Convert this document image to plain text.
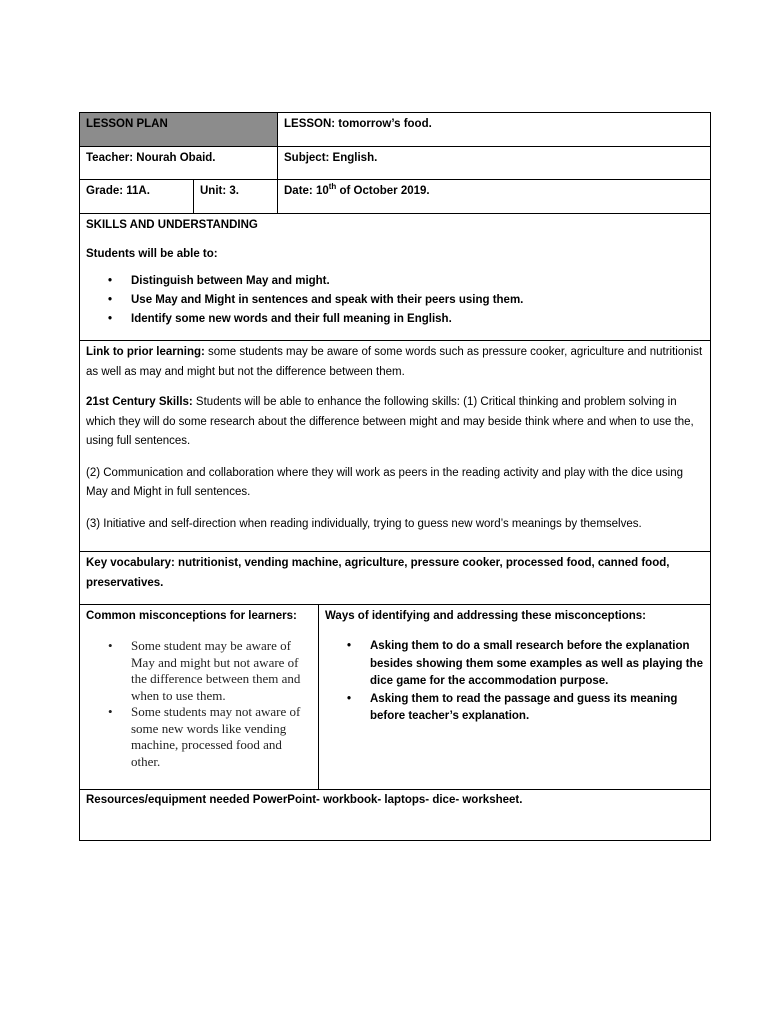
LESSON PLAN	LESSON: tomorrow’s food.
Teacher: Nourah Obaid.	Subject: English.
Grade: 11A.	Unit: 3.	Date: 10th of October 2019.

SKILLS AND UNDERSTANDING

Students will be able to:

• Distinguish between May and might.
• Use May and Might in sentences and speak with their peers using them.
• Identify some new words and their full meaning in English.

Link to prior learning: some students may be aware of some words such as pressure cooker, agriculture and nutritionist as well as may and might but not the difference between them.

21st Century Skills: Students will be able to enhance the following skills: (1) Critical thinking and problem solving in which they will do some research about the difference between might and may beside think where and when to use the, using full sentences.

(2) Communication and collaboration where they will work as peers in the reading activity and play with the dice using May and Might in full sentences.

(3) Initiative and self-direction when reading individually, trying to guess new word’s meanings by themselves.

Key vocabulary: nutritionist, vending machine, agriculture, pressure cooker, processed food, canned food, preservatives.
Common misconceptions for learners:
• Some student may be aware of May and might but not aware of the difference between them and when to use them.
• Some students may not aware of some new words like vending machine, processed food and other.
Ways of identifying and addressing these misconceptions:
• Asking them to do a small research before the explanation besides showing them some examples as well as playing the dice game for the accommodation purpose.
• Asking them to read the passage and guess its meaning before teacher’s explanation.
Resources/equipment needed PowerPoint- workbook- laptops- dice- worksheet.
